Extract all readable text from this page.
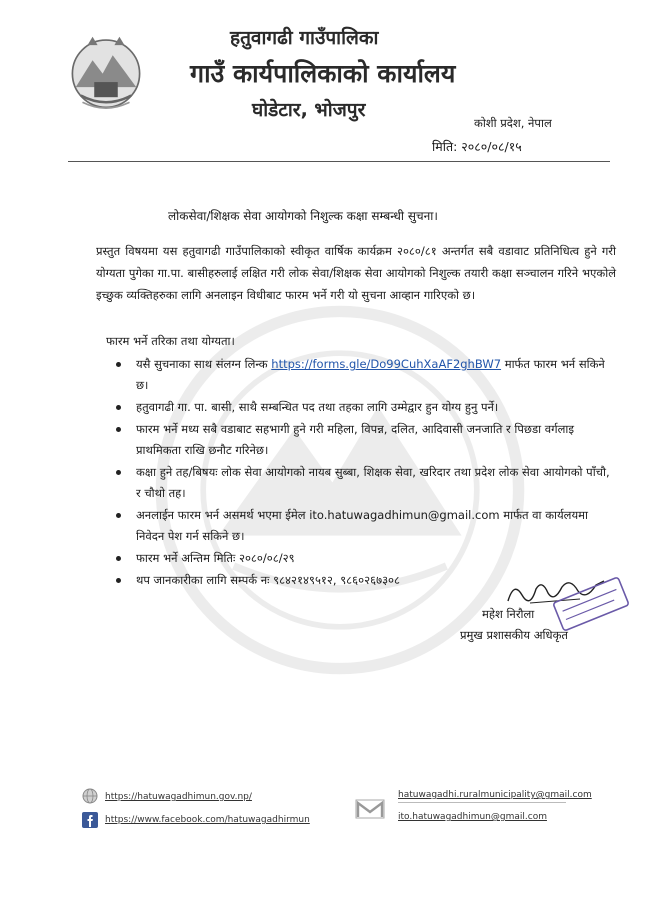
हतुवागढी गाउँपालिका
गाउँ कार्यपालिकाको कार्यालय
घोडेटार, भोजपुर
कोशी प्रदेश, नेपाल
मिति: २०८०/०८/१५
लोकसेवा/शिक्षक सेवा आयोगको निशुल्क कक्षा सम्बन्धी सुचना।

प्रस्तुत विषयमा यस हतुवागढी गाउँपालिकाको स्वीकृत वार्षिक कार्यक्रम २०८०/८१ अन्तर्गत सबै वडावाट प्रतिनिधित्व हुने गरी योग्यता पुगेका गा.पा. बासीहरुलाई लक्षित गरी लोक सेवा/शिक्षक सेवा आयोगको निशुल्क तयारी कक्षा सञ्चालन गरिने भएकोले इच्छुक व्यक्तिहरुका लागि अनलाइन विधीबाट फारम भर्ने गरी यो सुचना आव्हान गारिएको छ।

फारम भर्ने तरिका तथा योग्यता।
यसै सुचनाका साथ संलग्न लिन्क https://forms.gle/Do99CuhXaAF2ghBW7 मार्फत फारम भर्न सकिने छ।
हतुवागढी गा. पा. बासी, साथै सम्बन्धित पद तथा तहका लागि उम्मेद्वार हुन योग्य हुनु पर्ने।
फारम भर्ने मध्य सबै वडाबाट सहभागी हुने गरी महिला, विपन्न, दलित, आदिवासी जनजाति र पिछडा वर्गलाइ प्राथमिकता राखि छनौट गरिनेछ।
कक्षा हुने तह/बिषयः लोक सेवा आयोगको नायब सुब्बा, शिक्षक सेवा, खरिदार तथा प्रदेश लोक सेवा आयोगको पाँचौ, र चौथो तह।
अनलाईन फारम भर्न असमर्थ भएमा ईमेल ito.hatuwagadhimun@gmail.com मार्फत वा कार्यलयमा निवेदन पेश गर्न सकिने छ।
फारम भर्ने अन्तिम मितिः २०८०/०८/२९
थप जानकारीका लागि सम्पर्क नः ९८४२१४९५१२, ९८६०२६७३०८
महेश निरौला
प्रमुख प्रशासकीय अधिकृत
https://hatuwagadhimun.gov.np/
https://www.facebook.com/hatuwagadhirmun
hatuwagadhi.ruralmunicipality@gmail.com
ito.hatuwagadhimun@gmail.com
